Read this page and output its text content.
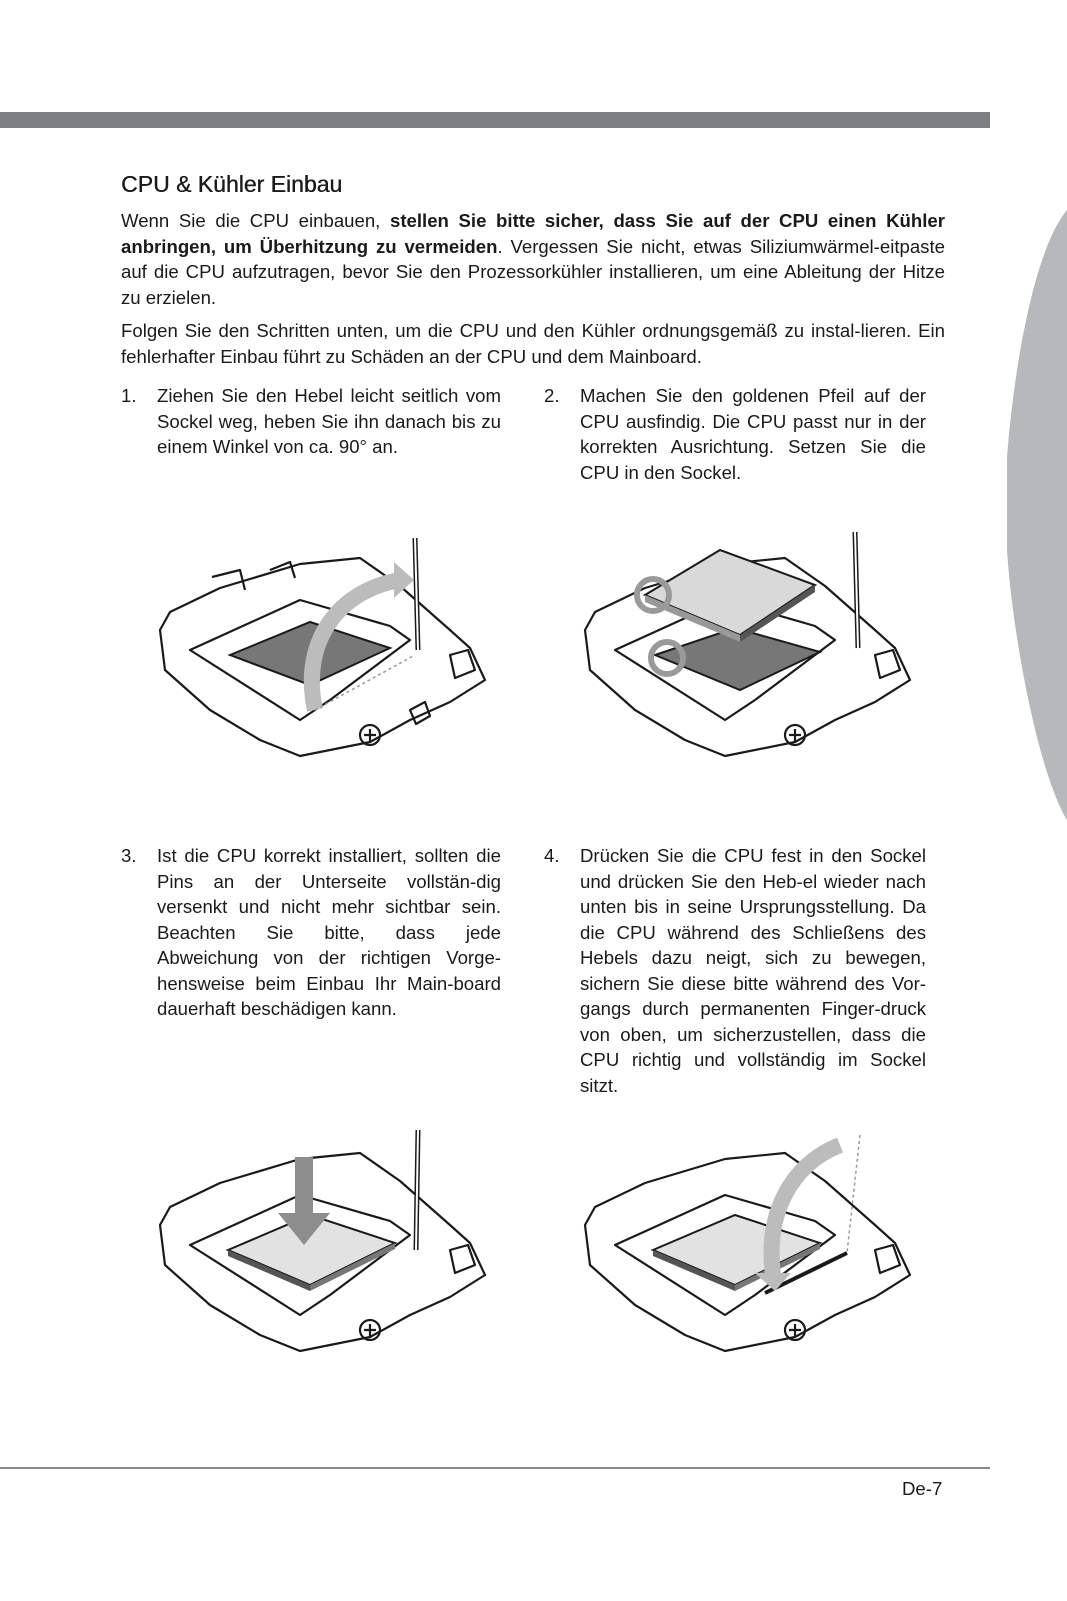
Deutsch
CPU & Kühler Einbau

Wenn Sie die CPU einbauen, stellen Sie bitte sicher, dass Sie auf der CPU einen Kühler anbringen, um Überhitzung zu vermeiden. Vergessen Sie nicht, etwas Siliziumwärmel-eitpaste auf die CPU aufzutragen, bevor Sie den Prozessorkühler installieren, um eine Ableitung der Hitze zu erzielen.

Folgen Sie den Schritten unten, um die CPU und den Kühler ordnungsgemäß zu instal-lieren. Ein fehlerhafter Einbau führt zu Schäden an der CPU und dem Mainboard.

1. Ziehen Sie den Hebel leicht seitlich vom Sockel weg, heben Sie ihn danach bis zu einem Winkel von ca. 90° an.
2. Machen Sie den goldenen Pfeil auf der CPU ausfindig. Die CPU passt nur in der korrekten Ausrichtung. Setzen Sie die CPU in den Sockel.
3. Ist die CPU korrekt installiert, sollten die Pins an der Unterseite vollstän-dig versenkt und nicht mehr sichtbar sein. Beachten Sie bitte, dass jede Abweichung von der richtigen Vorge-hensweise beim Einbau Ihr Main-board dauerhaft beschädigen kann.
4. Drücken Sie die CPU fest in den Sockel und drücken Sie den Heb-el wieder nach unten bis in seine Ursprungsstellung. Da die CPU während des Schließens des Hebels dazu neigt, sich zu bewegen, sichern Sie diese bitte während des Vor-gangs durch permanenten Finger-druck von oben, um sicherzustellen, dass die CPU richtig und vollständig im Sockel sitzt.
De-7
